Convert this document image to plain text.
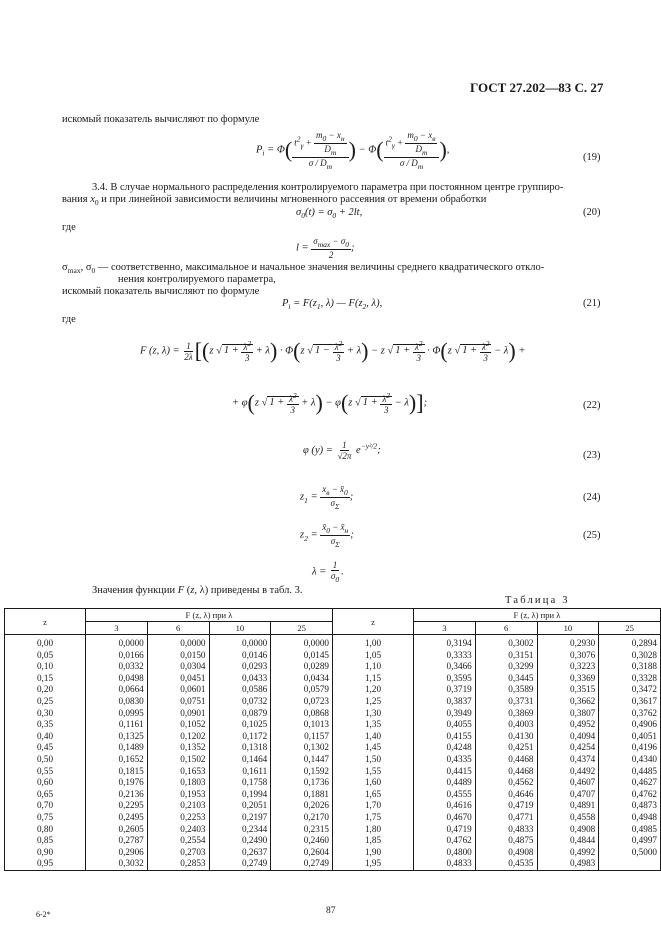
ГОСТ 27.202—83 С. 27
искомый показатель вычисляют по формуле
$P_i = \Phi( \frac{t^2_\gamma + \frac{m_0 - x_н}{D_m}}{\sigma / D_m}$ ) − $\Phi( \frac{t^2_\gamma + \frac{m_0 - x_в}{D_m}}{\sigma / D_m}$ ),
(19)
3.4. В случае нормального распределения контролируемого параметра при постоянном центре группиро-
вания $x_0$ и при линейной зависимости величины мгновенного рассеяния от времени обработки
$\sigma_0(t) = \sigma_0 + 2lt$,	(20)
где
$l = \frac{\sigma_{max} - \sigma_0}{2}$ ;
$\sigma_{max}$, $\sigma_0$ — соответственно, максимальное и начальное значения величины среднего квадратического откло-
нения контролируемого параметра,
искомый показатель вычисляют по формуле
$P_i = F(z_1$, λ) — $F(z_2$, λ),	(21)
где
F (z, $\lambda) = \frac{1}{2\lambda} [(z$ √ $1 + \frac{\lambda^2}{3} + \lambda) \cdot \Phi(z$ √ $1 - \frac{\lambda^2}{3} + \lambda) - z$ √ $1 + \frac{\lambda^2}{3} \cdot \Phi(z$ √ $1 + \frac{\lambda^2}{3} - \lambda$) +
+ φ(z √ $1 + \frac{\lambda^2}{3} + \lambda) - \varphi(z$ √ $1 + \frac{\lambda^2}{3} - \lambda$)];	(22)
φ $(y) = \frac{1}{√2\pi} e^{-y^2/2}$;	(23)
$z_1 = \frac{x_в - x̄_0}{\sigma_\Sigma}$ ;	(24)
$z_2 = \frac{x̄_0 - x̄_н}{\sigma_\Sigma}$ ;	(25)
$\lambda = \frac{1}{\sigma_0}$ .
Значения функции F (z, λ) приведены в табл. 3.
Таблица 3
z	F (z, λ) при λ				z	F (z, λ) при λ			
	3	6	10	25		3	6	10	25
0,00	0,0000	0,0000	0,0000	0,0000	1,00	0,3194	0,3002	0,2930	0,2894
0,05	0,0166	0,0150	0,0146	0,0145	1,05	0,3333	0,3151	0,3076	0,3028
0,10	0,0332	0,0304	0,0293	0,0289	1,10	0,3466	0,3299	0,3223	0,3188
0,15	0,0498	0,0451	0,0433	0,0434	1,15	0,3595	0,3445	0,3369	0,3328
0,20	0,0664	0,0601	0,0586	0,0579	1,20	0,3719	0,3589	0,3515	0,3472
0,25	0,0830	0,0751	0,0732	0,0723	1,25	0,3837	0,3731	0,3662	0,3617
0,30	0,0995	0,0901	0,0879	0,0868	1,30	0,3949	0,3869	0,3807	0,3762
0,35	0,1161	0,1052	0,1025	0,1013	1,35	0,4055	0,4003	0,4952	0,4906
0,40	0,1325	0,1202	0,1172	0,1157	1,40	0,4155	0,4130	0,4094	0,4051
0,45	0,1489	0,1352	0,1318	0,1302	1,45	0,4248	0,4251	0,4254	0,4196
0,50	0,1652	0,1502	0,1464	0,1447	1,50	0,4335	0,4468	0,4374	0,4340
0,55	0,1815	0,1653	0,1611	0,1592	1,55	0,4415	0,4468	0,4492	0,4485
0,60	0,1976	0,1803	0,1758	0,1736	1,60	0,4489	0,4562	0,4607	0,4627
0,65	0,2136	0,1953	0,1994	0,1881	1,65	0,4555	0,4646	0,4707	0,4762
0,70	0,2295	0,2103	0,2051	0,2026	1,70	0,4616	0,4719	0,4891	0,4873
0,75	0,2495	0,2253	0,2197	0,2170	1,75	0,4670	0,4771	0,4558	0,4948
0,80	0,2605	0,2403	0,2344	0,2315	1,80	0,4719	0,4833	0,4908	0,4985
0,85	0,2787	0,2554	0,2490	0,2460	1,85	0,4762	0,4875	0,4844	0,4997
0,90	0,2906	0,2703	0,2637	0,2604	1,90	0,4800	0,4908	0,4992	0,5000
0,95	0,3032	0,2853	0,2749	0,2749	1,95	0,4833	0,4535	0,4983	
6-2*	87
